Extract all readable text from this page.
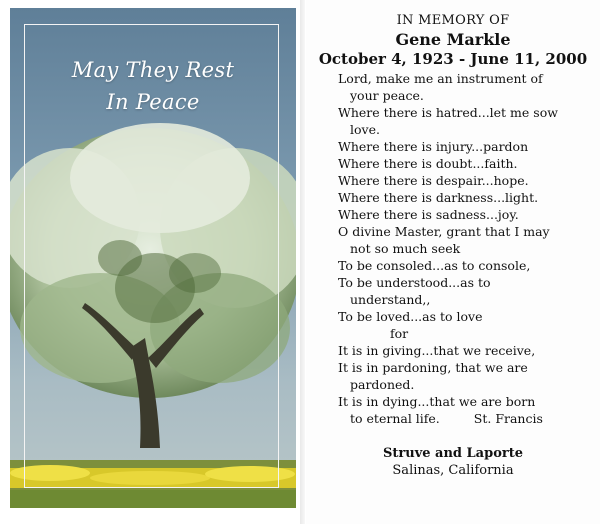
May They Rest
In Peace
IN MEMORY OF
Gene Markle
October 4, 1923 - June 11, 2000
Lord, make me an instrument of
your peace.
Where there is hatred...let me sow
love.
Where there is injury...pardon
Where there is doubt...faith.
Where there is despair...hope.
Where there is darkness...light.
Where there is sadness...joy.
O divine Master, grant that I may
not so much seek
To be consoled...as to console,
To be understood...as to
understand,,
To be loved...as to love
for
It is in giving...that we receive,
It is in pardoning, that we are
pardoned.
It is in dying...that we are born
to eternal life.	St. Francis
Struve and Laporte
Salinas, California
